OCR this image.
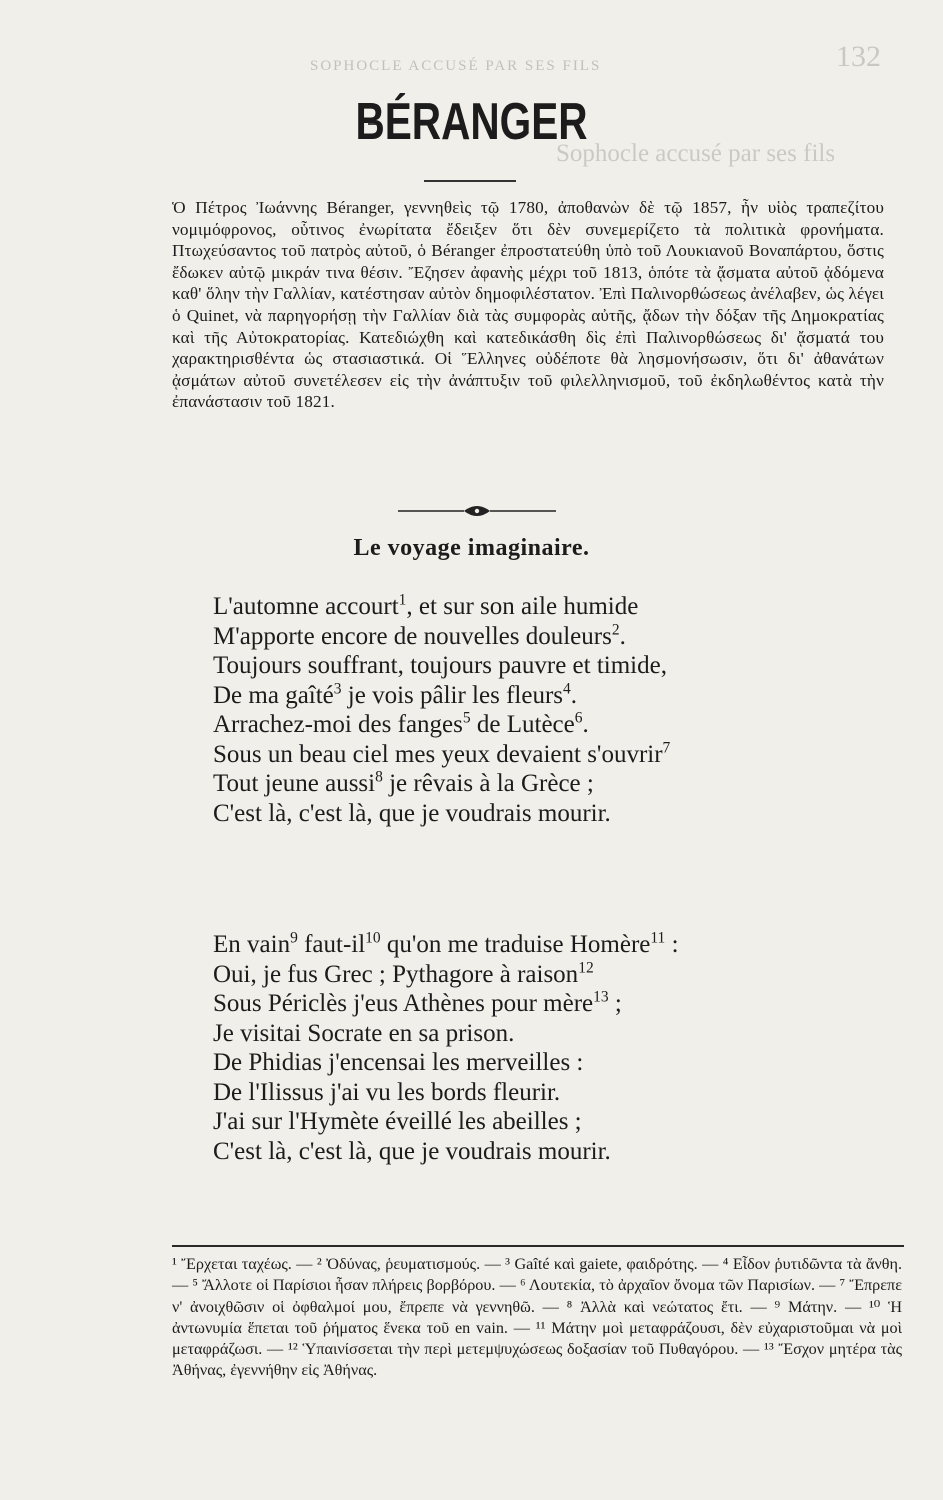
132
SOPHOCLE ACCUSÉ PAR SES FILS
Sophocle accusé par ses fils
BÉRANGER

Ὁ Πέτρος Ἰωάννης Béranger, γεννηθεὶς τῷ 1780, ἀποθανὼν δὲ τῷ 1857, ἦν υἱὸς τραπεζίτου νομιμόφρονος, οὗτινος ἐνωρίτατα ἔδειξεν ὅτι δὲν συνεμερίζετο τὰ πολιτικὰ φρονήματα. Πτωχεύσαντος τοῦ πατρὸς αὐτοῦ, ὁ Béranger ἐπροστατεύθη ὑπὸ τοῦ Λουκιανοῦ Βοναπάρτου, ὅστις ἔδωκεν αὐτῷ μικράν τινα θέσιν. Ἔζησεν ἀφανὴς μέχρι τοῦ 1813, ὁπότε τὰ ᾄσματα αὐτοῦ ᾀδόμενα καθ' ὅλην τὴν Γαλλίαν, κατέστησαν αὐτὸν δημοφιλέστατον. Ἐπὶ Παλινορθώσεως ἀνέλαβεν, ὡς λέγει ὁ Quinet, νὰ παρηγορήσῃ τὴν Γαλλίαν διὰ τὰς συμφορὰς αὐτῆς, ᾄδων τὴν δόξαν τῆς Δημοκρατίας καὶ τῆς Αὐτοκρατορίας. Κατεδιώχθη καὶ κατεδικάσθη δὶς ἐπὶ Παλινορθώσεως δι' ᾄσματά του χαρακτηρισθέντα ὡς στασιαστικά. Οἱ Ἕλληνες οὐδέποτε θὰ λησμονήσωσιν, ὅτι δι' ἀθανάτων ᾀσμάτων αὐτοῦ συνετέλεσεν εἰς τὴν ἀνάπτυξιν τοῦ φιλελληνισμοῦ, τοῦ ἐκδηλωθέντος κατὰ τὴν ἐπανάστασιν τοῦ 1821.

Le voyage imaginaire.
L'automne accourt$^1$, et sur son aile humide
M'apporte encore de nouvelles douleurs$^2$.
Toujours souffrant, toujours pauvre et timide,
De ma gaîté$^3$ je vois pâlir les fleurs$^4$.
Arrachez-moi des fanges$^5$ de Lutèce$^6$.
Sous un beau ciel mes yeux devaient s'ouvrir$^7$
Tout jeune aussi$^8$ je rêvais à la Grèce ;
C'est là, c'est là, que je voudrais mourir.
En vain$^9$ faut-$il^{10}$ qu'on me traduise Homère$^{11}$ :
Oui, je fus Grec ; Pythagore à raison$^{12}$
Sous Périclès j'eus Athènes pour mère$^{13}$ ;
Je visitai Socrate en sa prison.
De Phidias j'encensai les merveilles :
De l'Ilissus j'ai vu les bords fleurir.
J'ai sur l'Hymète éveillé les abeilles ;
C'est là, c'est là, que je voudrais mourir.

¹ Ἔρχεται ταχέως. — ² Ὀδύνας, ῥευματισμούς. — ³ Gaîté καὶ gaiete, φαιδρότης. — ⁴ Εἶδον ῥυτιδῶντα τὰ ἄνθη. — ⁵ Ἄλλοτε οἱ Παρίσιοι ἦσαν πλήρεις βορβόρου. — ⁶ Λουτεκία, τὸ ἀρχαῖον ὄνομα τῶν Παρισίων. — ⁷ Ἔπρεπε ν' ἀνοιχθῶσιν οἱ ὀφθαλμοί μου, ἔπρεπε νὰ γεννηθῶ. — ⁸ Ἀλλὰ καὶ νεώτατος ἔτι. — ⁹ Μάτην. — ¹⁰ Ἡ ἀντωνυμία ἕπεται τοῦ ῥήματος ἕνεκα τοῦ en vain. — ¹¹ Μάτην μοὶ μεταφράζουσι, δὲν εὐχαριστοῦμαι νὰ μοὶ μεταφράζωσι. — ¹² Ὑπαινίσσεται τὴν περὶ μετεμψυχώσεως δοξασίαν τοῦ Πυθαγόρου. — ¹³ Ἔσχον μητέρα τὰς Ἀθήνας, ἐγεννήθην εἰς Ἀθήνας.
